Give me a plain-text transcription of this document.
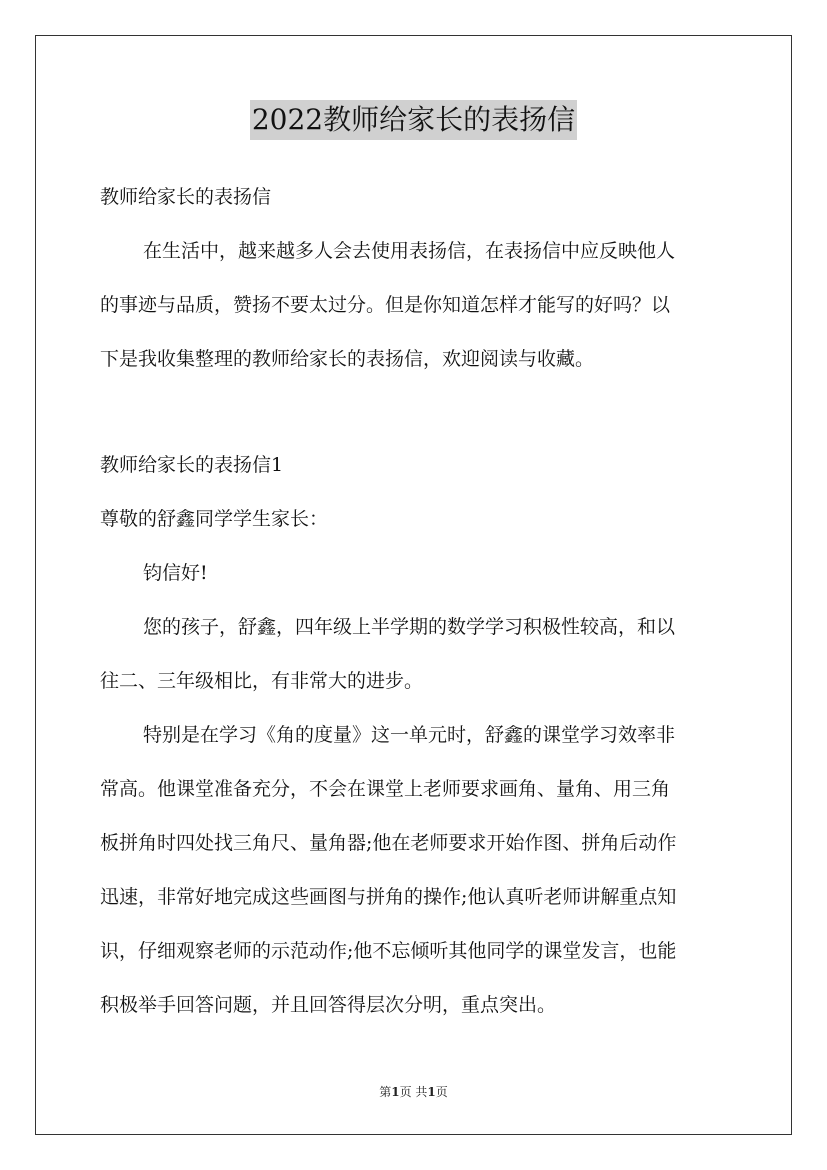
2022教师给家长的表扬信
教师给家长的表扬信
在生活中，越来越多人会去使用表扬信，在表扬信中应反映他人
的事迹与品质，赞扬不要太过分。但是你知道怎样才能写的好吗？以
下是我收集整理的教师给家长的表扬信，欢迎阅读与收藏。
教师给家长的表扬信1
尊敬的舒鑫同学学生家长：
钧信好!
您的孩子，舒鑫，四年级上半学期的数学学习积极性较高，和以
往二、三年级相比，有非常大的进步。
特别是在学习《角的度量》这一单元时，舒鑫的课堂学习效率非
常高。他课堂准备充分，不会在课堂上老师要求画角、量角、用三角
板拼角时四处找三角尺、量角器;他在老师要求开始作图、拼角后动作
迅速，非常好地完成这些画图与拼角的操作;他认真听老师讲解重点知
识，仔细观察老师的示范动作;他不忘倾听其他同学的课堂发言，也能
积极举手回答问题，并且回答得层次分明，重点突出。
第1页 共1页
